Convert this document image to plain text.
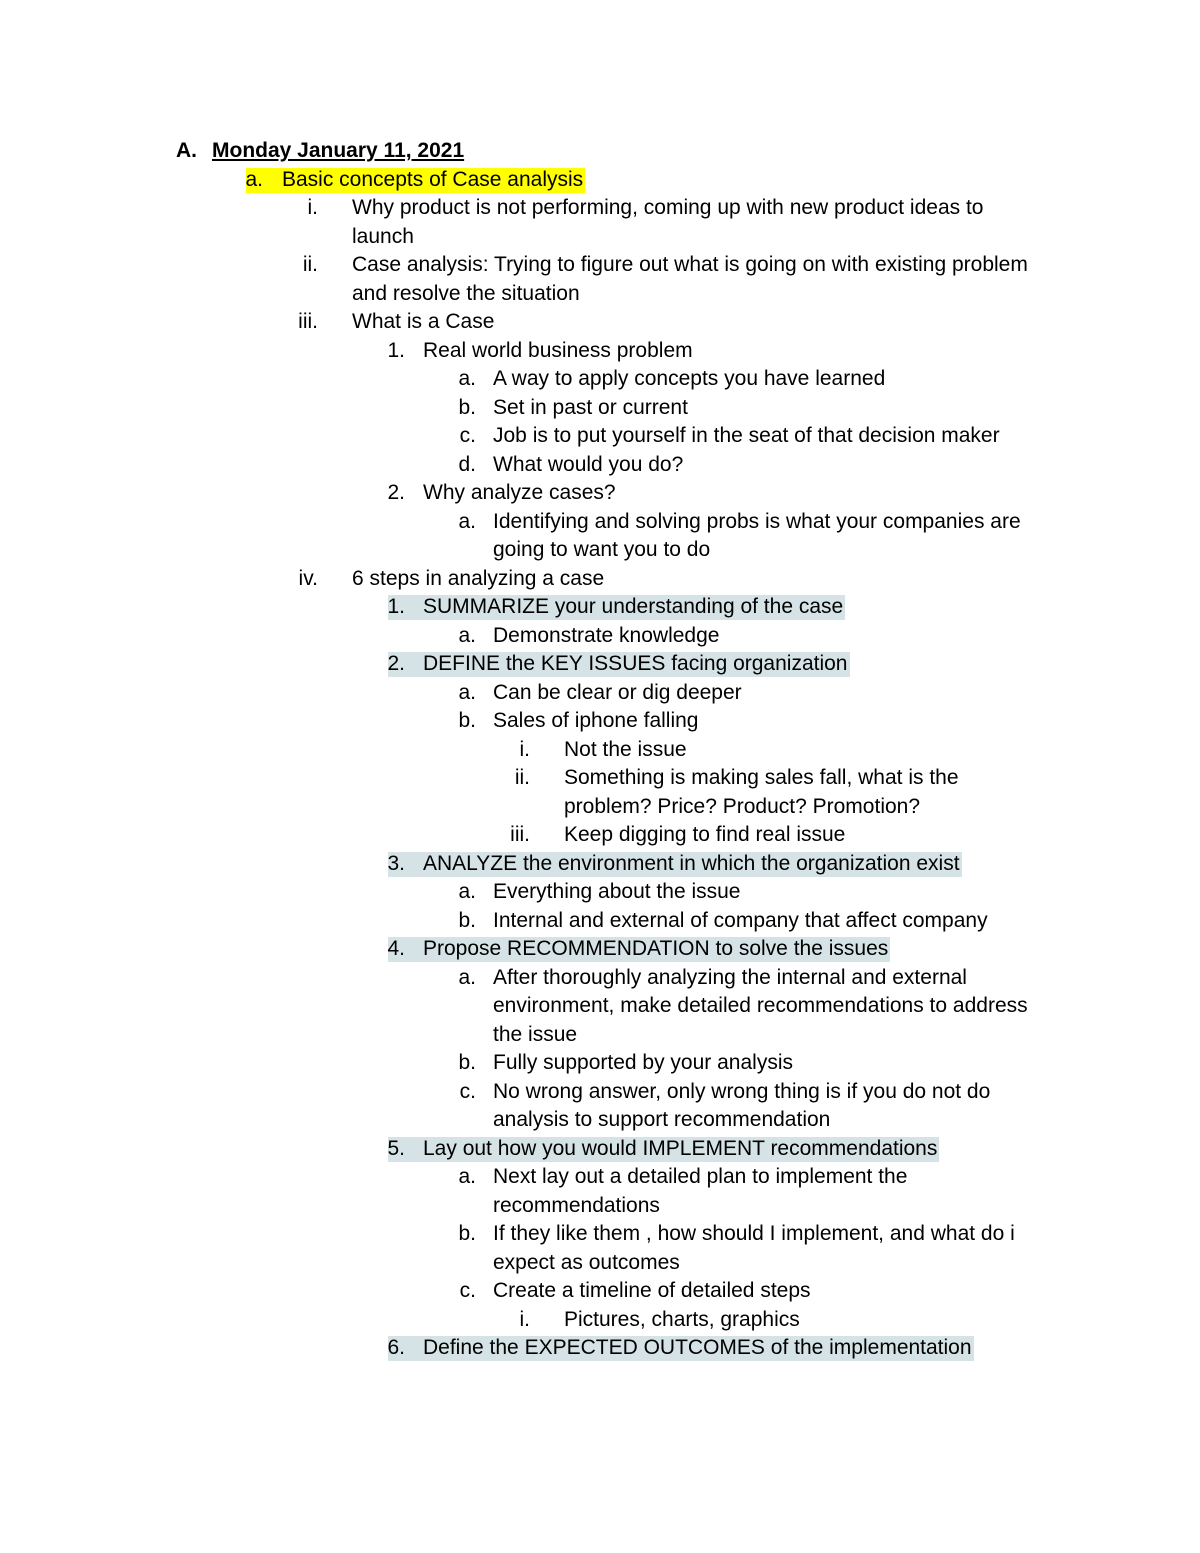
A. Monday January 11, 2021
a. Basic concepts of Case analysis
i. Why product is not performing, coming up with new product ideas to
launch
ii. Case analysis: Trying to figure out what is going on with existing problem
and resolve the situation
iii. What is a Case
1. Real world business problem
a. A way to apply concepts you have learned
b. Set in past or current
c. Job is to put yourself in the seat of that decision maker
d. What would you do?
2. Why analyze cases?
a. Identifying and solving probs is what your companies are
going to want you to do
iv. 6 steps in analyzing a case
1. SUMMARIZE your understanding of the case
a. Demonstrate knowledge
2. DEFINE the KEY ISSUES facing organization
a. Can be clear or dig deeper
b. Sales of iphone falling
i. Not the issue
ii. Something is making sales fall, what is the
problem? Price? Product? Promotion?
iii. Keep digging to find real issue
3. ANALYZE the environment in which the organization exist
a. Everything about the issue
b. Internal and external of company that affect company
4. Propose RECOMMENDATION to solve the issues
a. After thoroughly analyzing the internal and external
environment, make detailed recommendations to address
the issue
b. Fully supported by your analysis
c. No wrong answer, only wrong thing is if you do not do
analysis to support recommendation
5. Lay out how you would IMPLEMENT recommendations
a. Next lay out a detailed plan to implement the
recommendations
b. If they like them , how should I implement, and what do i
expect as outcomes
c. Create a timeline of detailed steps
i. Pictures, charts, graphics
6. Define the EXPECTED OUTCOMES of the implementation
